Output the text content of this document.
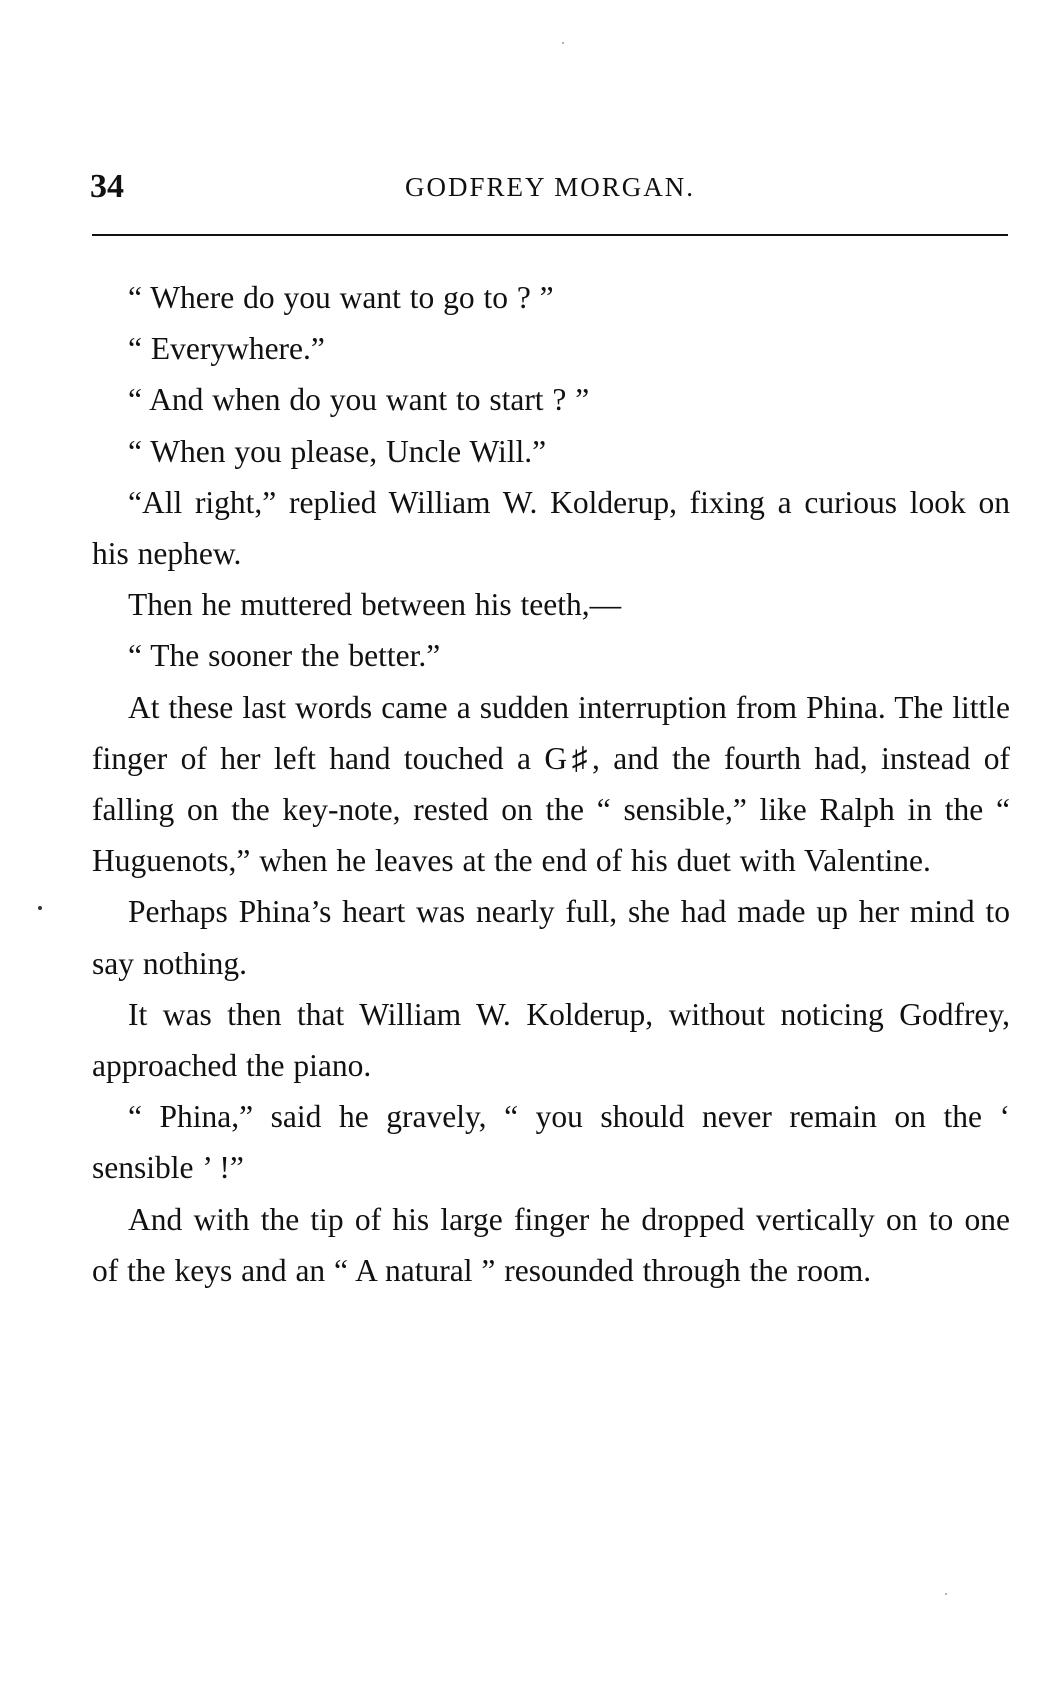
34	GODFREY MORGAN.

“ Where do you want to go to ? ”

“ Everywhere.”

“ And when do you want to start ? ”

“ When you please, Uncle Will.”

“All right,” replied William W. Kolderup, fixing a curious look on his nephew.

Then he muttered between his teeth,—

“ The sooner the better.”

At these last words came a sudden interruption from Phina. The little finger of her left hand touched a G♯, and the fourth had, instead of falling on the key-note, rested on the “ sensible,” like Ralph in the “ Huguenots,” when he leaves at the end of his duet with Valentine.

Perhaps Phina’s heart was nearly full, she had made up her mind to say nothing.

It was then that William W. Kolderup, without noticing Godfrey, approached the piano.

“ Phina,” said he gravely, “ you should never remain on the ‘ sensible ’ !”

And with the tip of his large finger he dropped vertically on to one of the keys and an “ A natural ” resounded through the room.
